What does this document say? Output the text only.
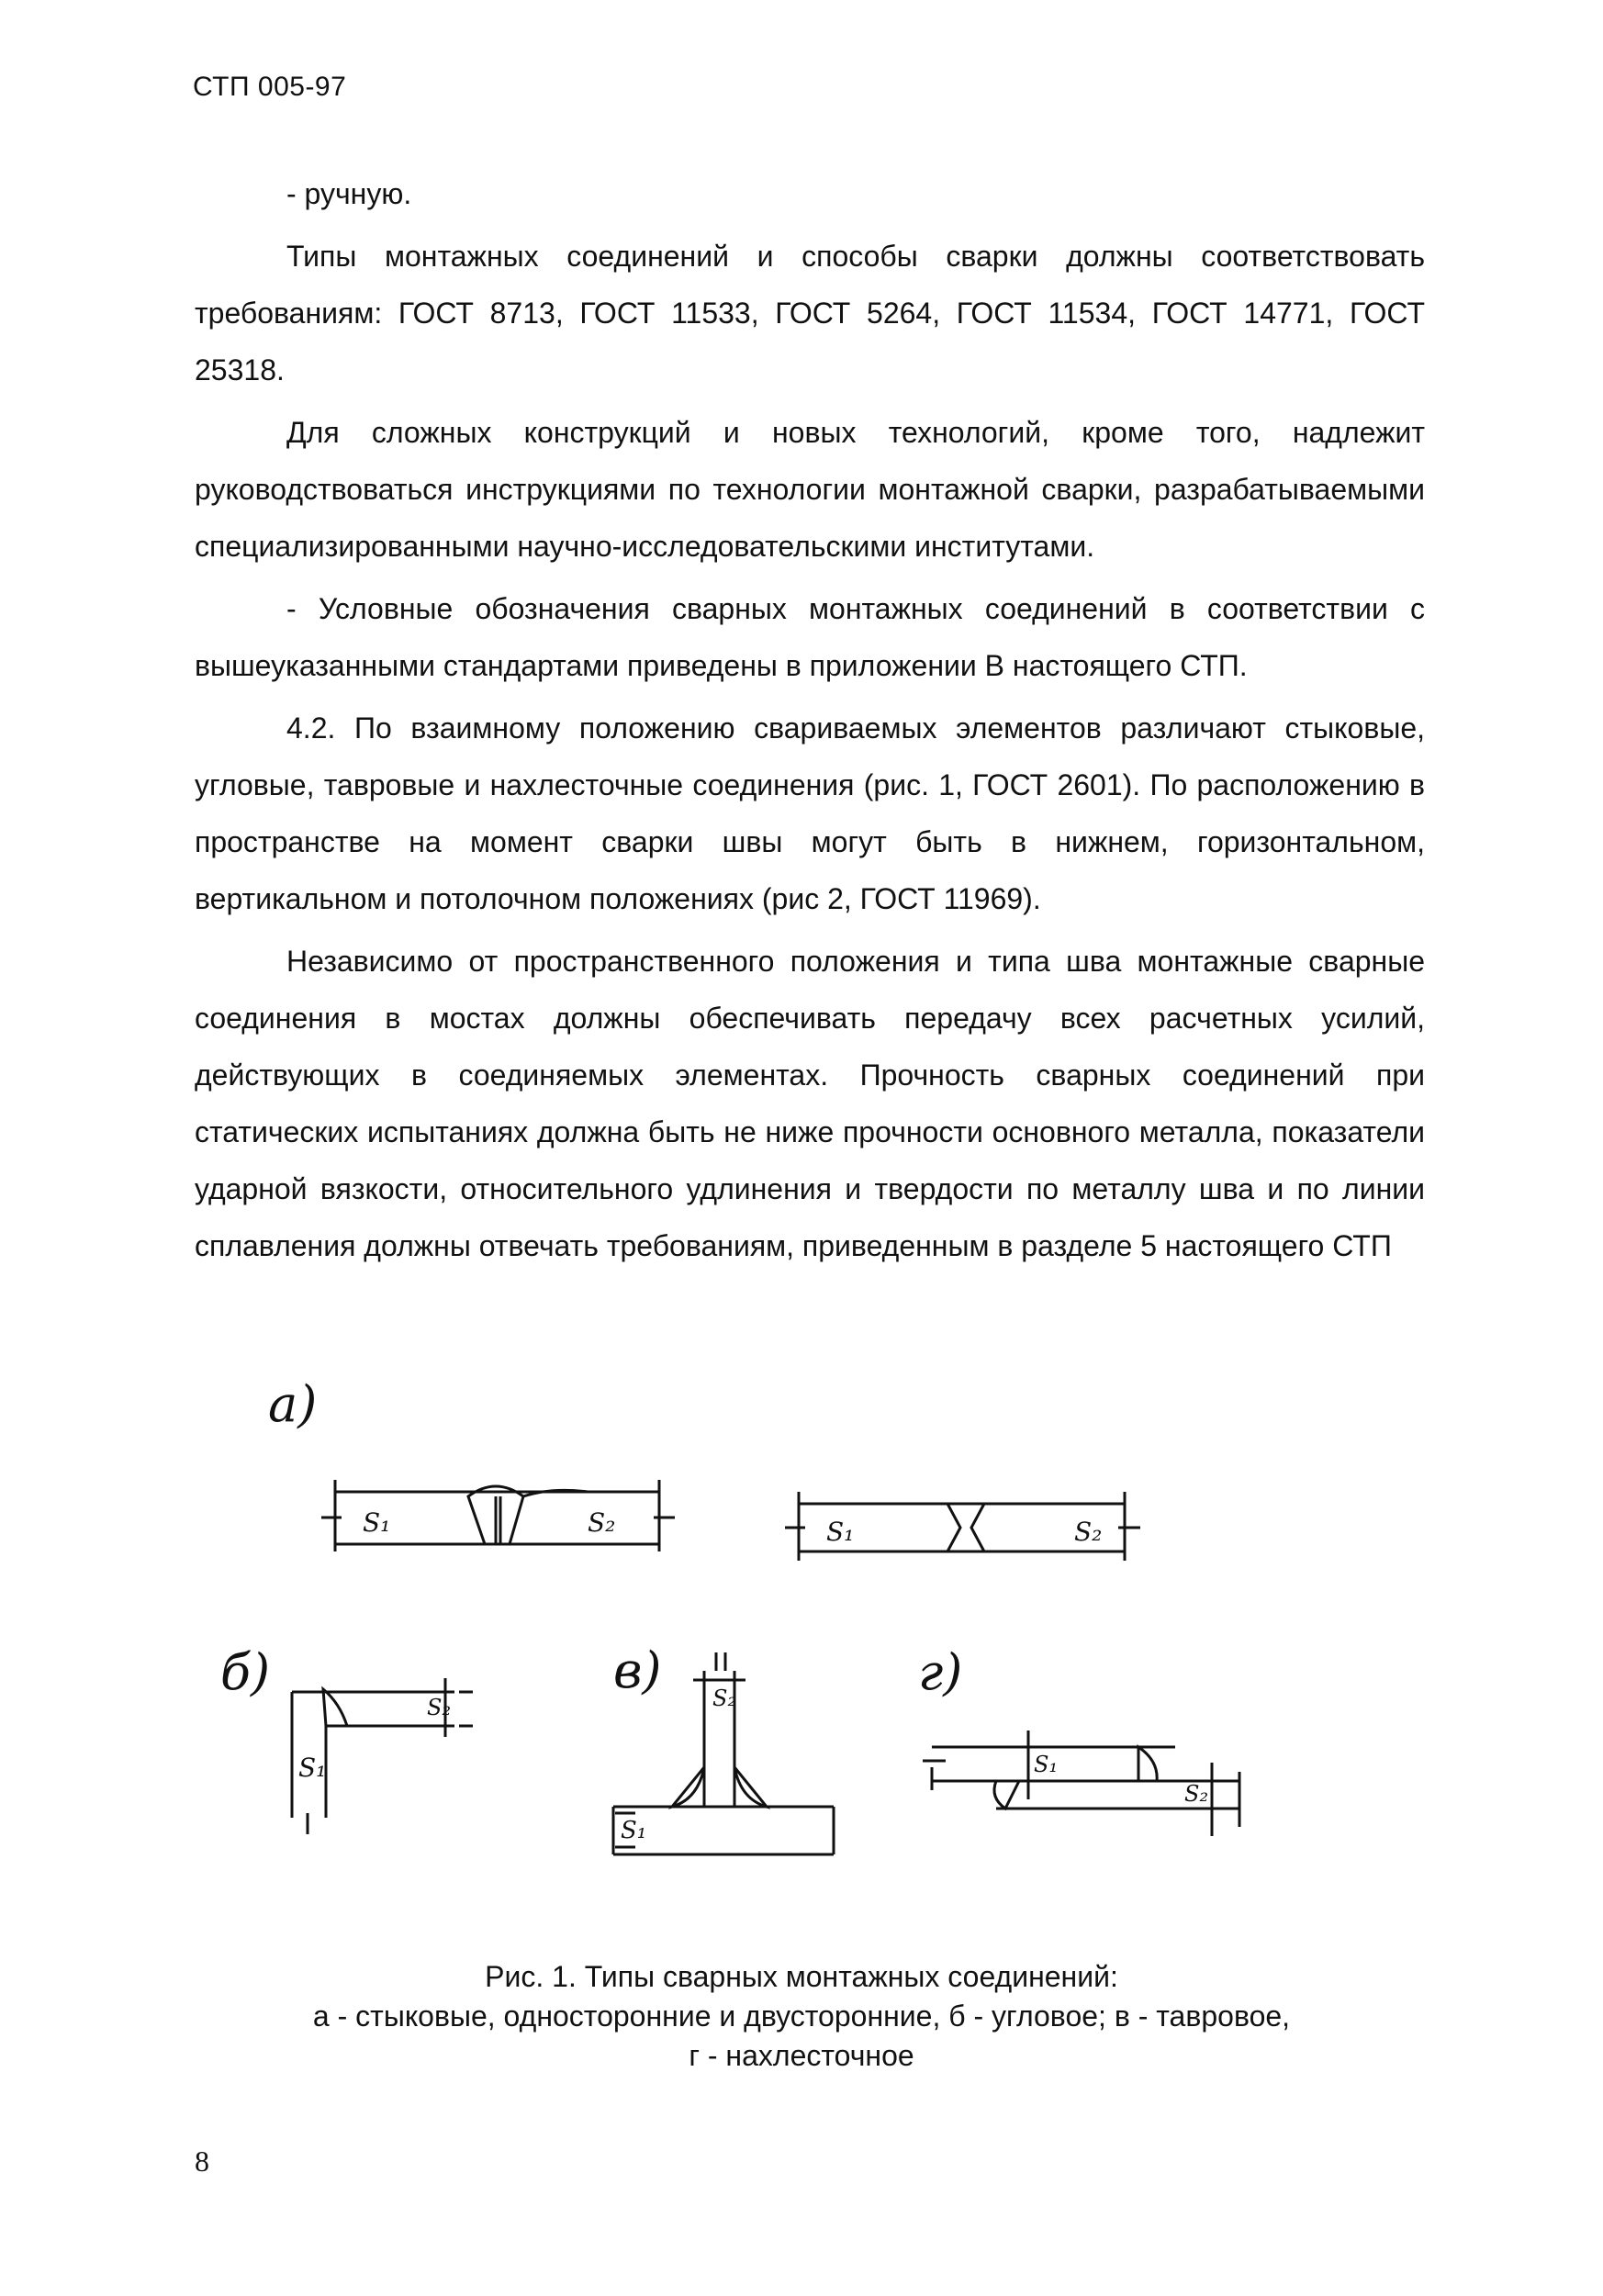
СТП 005-97

- ручную.

Типы монтажных соединений и способы сварки должны соответствовать требованиям: ГОСТ 8713, ГОСТ 11533, ГОСТ 5264, ГОСТ 11534, ГОСТ 14771, ГОСТ 25318.

Для сложных конструкций и новых технологий, кроме того, надлежит руководствоваться инструкциями по технологии монтажной сварки, разрабатываемыми специализированными научно-исследовательскими институтами.

- Условные обозначения сварных монтажных соединений в соответствии с вышеуказанными стандартами приведены в приложении В настоящего СТП.

4.2. По взаимному положению свариваемых элементов различают стыковые, угловые, тавровые и нахлесточные соединения (рис. 1, ГОСТ 2601). По расположению в пространстве на момент сварки швы могут быть в нижнем, горизонтальном, вертикальном и потолочном положениях (рис 2, ГОСТ 11969).

Независимо от пространственного положения и типа шва монтажные сварные соединения в мостах должны обеспечивать передачу всех расчетных усилий, действующих в соединяемых элементах. Прочность сварных соединений при статических испытаниях должна быть не ниже прочности основного металла, показатели ударной вязкости, относительного удлинения и твердости по металлу шва и по линии сплавления должны отвечать требованиям, приведенным в разделе 5 настоящего СТП

а)
б)	в)	г)
S₁	S₂	S₁	S₂
S₂
S₁
S₂
S₁
S₁
S₂
Рис. 1. Типы сварных монтажных соединений:
а - стыковые, односторонние и двусторонние, б - угловое; в - тавровое,
г - нахлесточное
8
